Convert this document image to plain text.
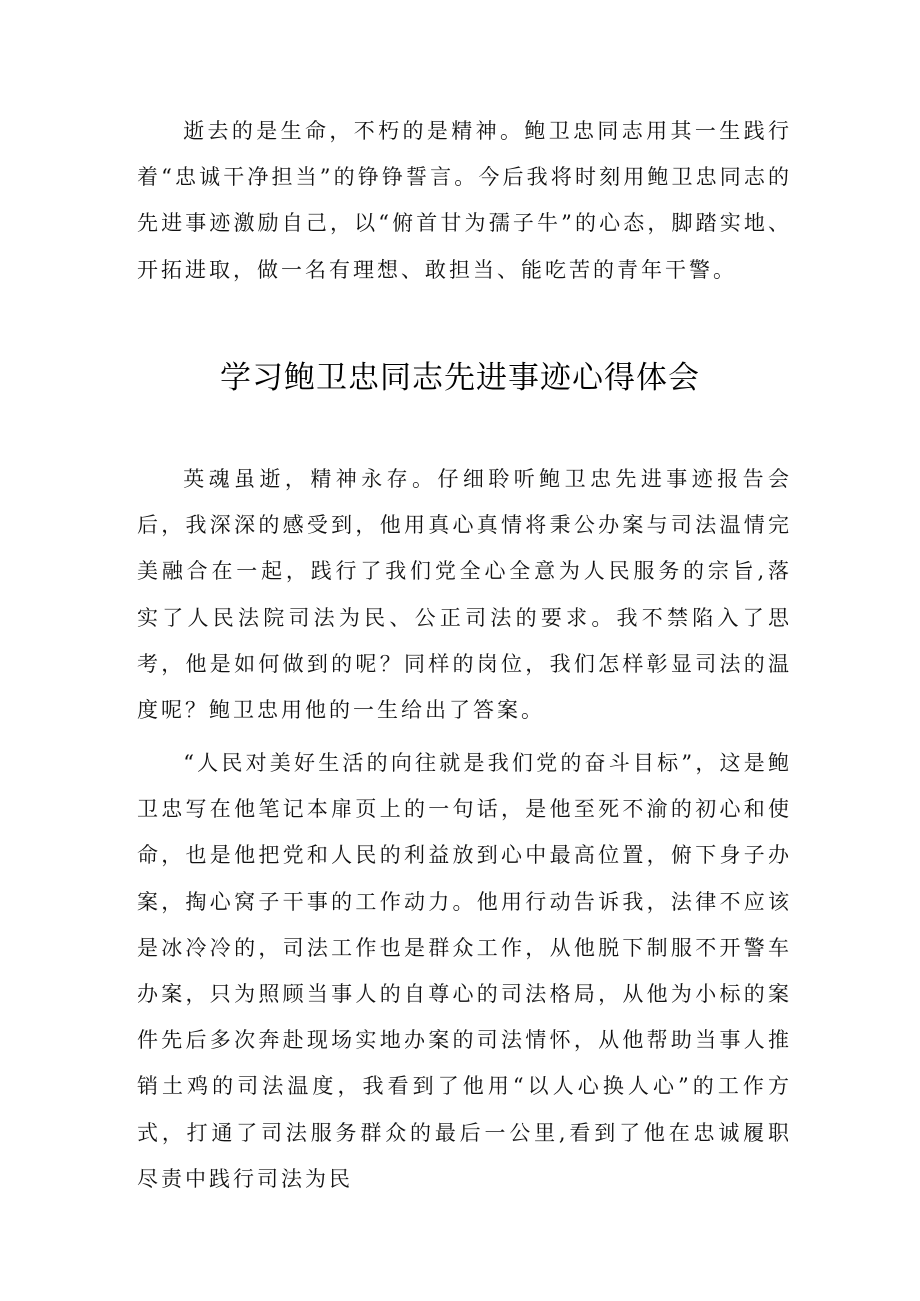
逝去的是生命，不朽的是精神。鲍卫忠同志用其一生践行着“忠诚干净担当”的铮铮誓言。今后我将时刻用鲍卫忠同志的先进事迹激励自己，以“俯首甘为孺子牛”的心态，脚踏实地、开拓进取，做一名有理想、敢担当、能吃苦的青年干警。

学习鲍卫忠同志先进事迹心得体会

英魂虽逝，精神永存。仔细聆听鲍卫忠先进事迹报告会后，我深深的感受到，他用真心真情将秉公办案与司法温情完美融合在一起，践行了我们党全心全意为人民服务的宗旨,落实了人民法院司法为民、公正司法的要求。我不禁陷入了思考，他是如何做到的呢？同样的岗位，我们怎样彰显司法的温度呢？鲍卫忠用他的一生给出了答案。

“人民对美好生活的向往就是我们党的奋斗目标”，这是鲍卫忠写在他笔记本扉页上的一句话，是他至死不渝的初心和使命，也是他把党和人民的利益放到心中最高位置，俯下身子办案，掏心窝子干事的工作动力。他用行动告诉我，法律不应该是冰冷冷的，司法工作也是群众工作，从他脱下制服不开警车办案，只为照顾当事人的自尊心的司法格局，从他为小标的案件先后多次奔赴现场实地办案的司法情怀，从他帮助当事人推销土鸡的司法温度，我看到了他用“以人心换人心”的工作方式，打通了司法服务群众的最后一公里,看到了他在忠诚履职尽责中践行司法为民
